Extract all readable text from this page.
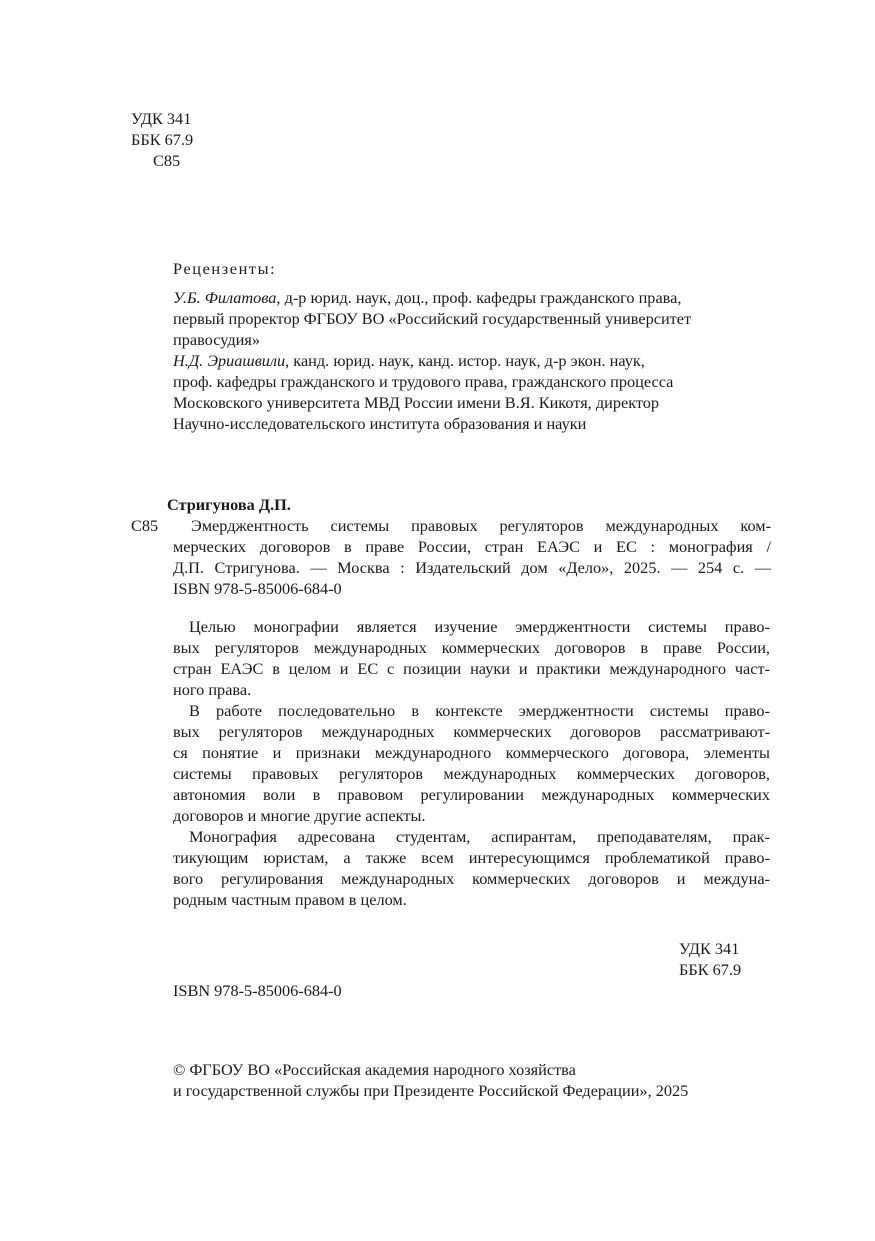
УДК 341
ББК 67.9
С85
Рецензенты:
У.Б. Филатова, д-р юрид. наук, доц., проф. кафедры гражданского права,
первый проректор ФГБОУ ВО «Российский государственный университет
правосудия»
Н.Д. Эриашвили, канд. юрид. наук, канд. истор. наук, д-р экон. наук,
проф. кафедры гражданского и трудового права, гражданского процесса
Московского университета МВД России имени В.Я. Кикотя, директор
Научно-исследовательского института образования и науки
Стригунова Д.П.
С85	Эмерджентность системы правовых регуляторов международных ком-
мерческих договоров в праве России, стран ЕАЭС и ЕС : монография /
Д.П. Стригунова. — Москва : Издательский дом «Дело», 2025. — 254 с. —
ISBN 978-5-85006-684-0
Целью монографии является изучение эмерджентности системы право-
вых регуляторов международных коммерческих договоров в праве России,
стран ЕАЭС в целом и ЕС с позиции науки и практики международного част-
ного права.
В работе последовательно в контексте эмерджентности системы право-
вых регуляторов международных коммерческих договоров рассматривают-
ся понятие и признаки международного коммерческого договора, элементы
системы правовых регуляторов международных коммерческих договоров,
автономия воли в правовом регулировании международных коммерческих
договоров и многие другие аспекты.
Монография адресована студентам, аспирантам, преподавателям, прак-
тикующим юристам, а также всем интересующимся проблематикой право-
вого регулирования международных коммерческих договоров и междуна-
родным частным правом в целом.
УДК 341
ББК 67.9
ISBN 978-5-85006-684-0
© ФГБОУ ВО «Российская академия народного хозяйства
и государственной службы при Президенте Российской Федерации», 2025
